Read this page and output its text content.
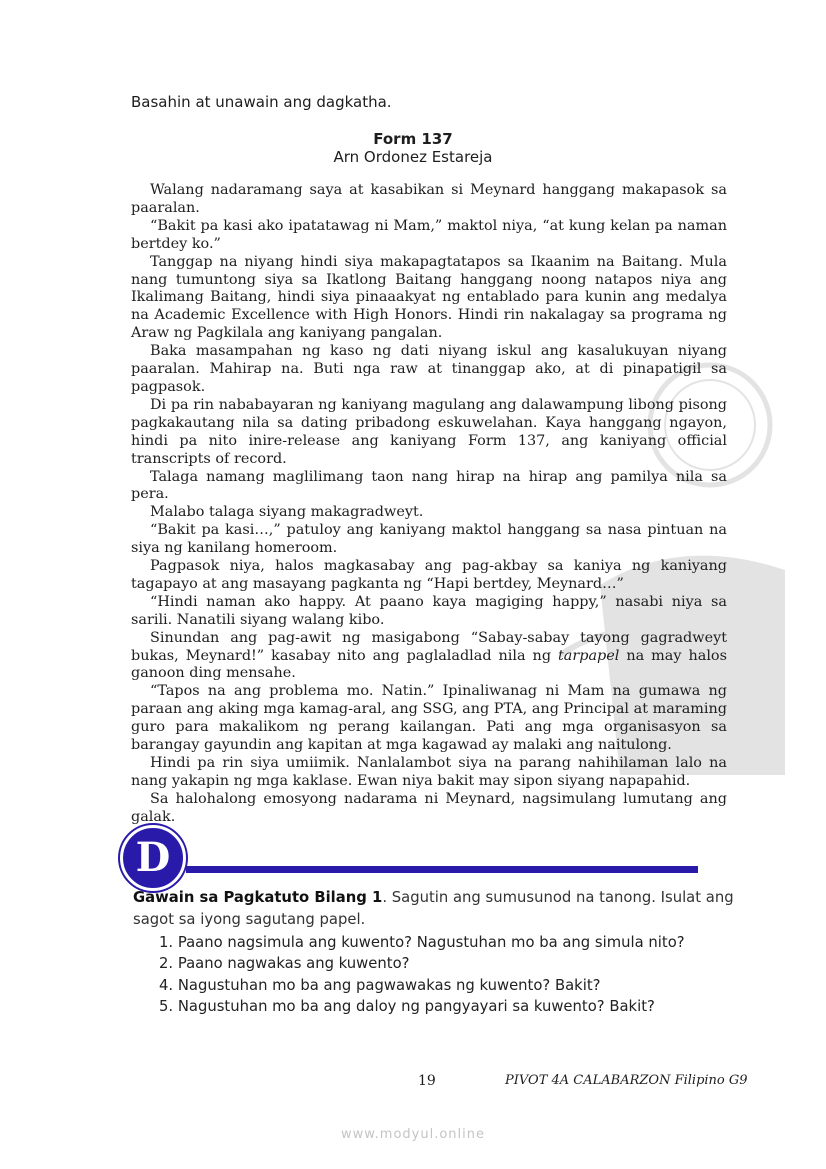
Basahin at unawain ang dagkatha.
Form 137
Arn Ordonez Estareja

Walang nadaramang saya at kasabikan si Meynard hanggang makapasok sa paaralan.

“Bakit pa kasi ako ipatatawag ni Mam,” maktol niya, “at kung kelan pa naman bertdey ko.”

Tanggap na niyang hindi siya makapagtatapos sa Ikaanim na Baitang. Mula nang tumuntong siya sa Ikatlong Baitang hanggang noong natapos niya ang Ikalimang Baitang, hindi siya pinaaakyat ng entablado para kunin ang medalya na Academic Excellence with High Honors. Hindi rin nakalagay sa programa ng Araw ng Pagkilala ang kaniyang pangalan.

Baka masampahan ng kaso ng dati niyang iskul ang kasalukuyan niyang paaralan. Mahirap na. Buti nga raw at tinanggap ako, at di pinapatigil sa pagpasok.

Di pa rin nababayaran ng kaniyang magulang ang dalawampung libong pisong pagkakautang nila sa dating pribadong eskuwelahan. Kaya hanggang ngayon, hindi pa nito inire-release ang kaniyang Form 137, ang kaniyang official transcripts of record.

Talaga namang maglilimang taon nang hirap na hirap ang pamilya nila sa pera.

Malabo talaga siyang makagradweyt.

“Bakit pa kasi…,” patuloy ang kaniyang maktol hanggang sa nasa pintuan na siya ng kanilang homeroom.

Pagpasok niya, halos magkasabay ang pag-akbay sa kaniya ng kaniyang tagapayo at ang masayang pagkanta ng “Hapi bertdey, Meynard…”

“Hindi naman ako happy. At paano kaya magiging happy,” nasabi niya sa sarili. Nanatili siyang walang kibo.

Sinundan ang pag-awit ng masigabong “Sabay-sabay tayong gagradweyt bukas, Meynard!” kasabay nito ang paglaladlad nila ng tarpapel na may halos ganoon ding mensahe.

“Tapos na ang problema mo. Natin.” Ipinaliwanag ni Mam na gumawa ng paraan ang aking mga kamag-aral, ang SSG, ang PTA, ang Principal at maraming guro para makalikom ng perang kailangan. Pati ang mga organisasyon sa barangay gayundin ang kapitan at mga kagawad ay malaki ang naitulong.

Hindi pa rin siya umiimik. Nanlalambot siya na parang nahihilaman lalo na nang yakapin ng mga kaklase. Ewan niya bakit may sipon siyang napapahid.

Sa halohalong emosyong nadarama ni Meynard, nagsimulang lumutang ang galak.

D
Gawain sa Pagkatuto Bilang 1. Sagutin ang sumusunod na tanong. Isulat ang sagot sa iyong sagutang papel.
1. Paano nagsimula ang kuwento? Nagustuhan mo ba ang simula nito?
2. Paano nagwakas ang kuwento?
4. Nagustuhan mo ba ang pagwawakas ng kuwento? Bakit?
5. Nagustuhan mo ba ang daloy ng pangyayari sa kuwento? Bakit?
19	PIVOT 4A CALABARZON Filipino G9
www.modyul.online
